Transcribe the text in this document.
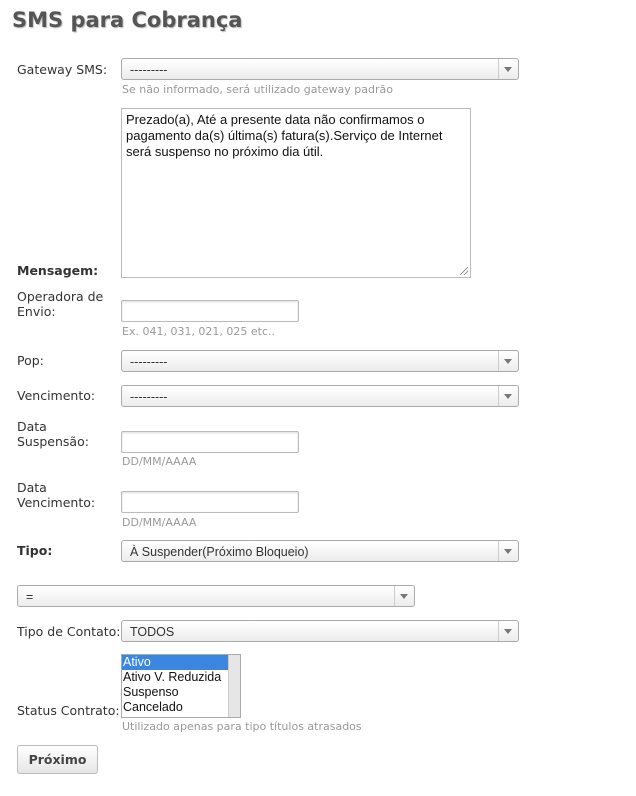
SMS para Cobrança
Gateway SMS: ---------
Se não informado, será utilizado gateway padrão
Prezado(a), Até a presente data não confirmamos o pagamento da(s) última(s) fatura(s).Serviço de Internet será suspenso no próximo dia útil.
Mensagem:
Operadora de Envio:
Ex. 041, 031, 021, 025 etc..
Pop:	---------
Vencimento:	---------
Data Suspensão:
DD/MM/AAAA
Data Vencimento:
DD/MM/AAAA
Tipo:	À Suspender(Próximo Bloqueio)
=
Tipo de Contato: TODOS
Status Contrato:
Ativo
Ativo V. Reduzida
Suspenso
Cancelado
Utilizado apenas para tipo títulos atrasados
Próximo
